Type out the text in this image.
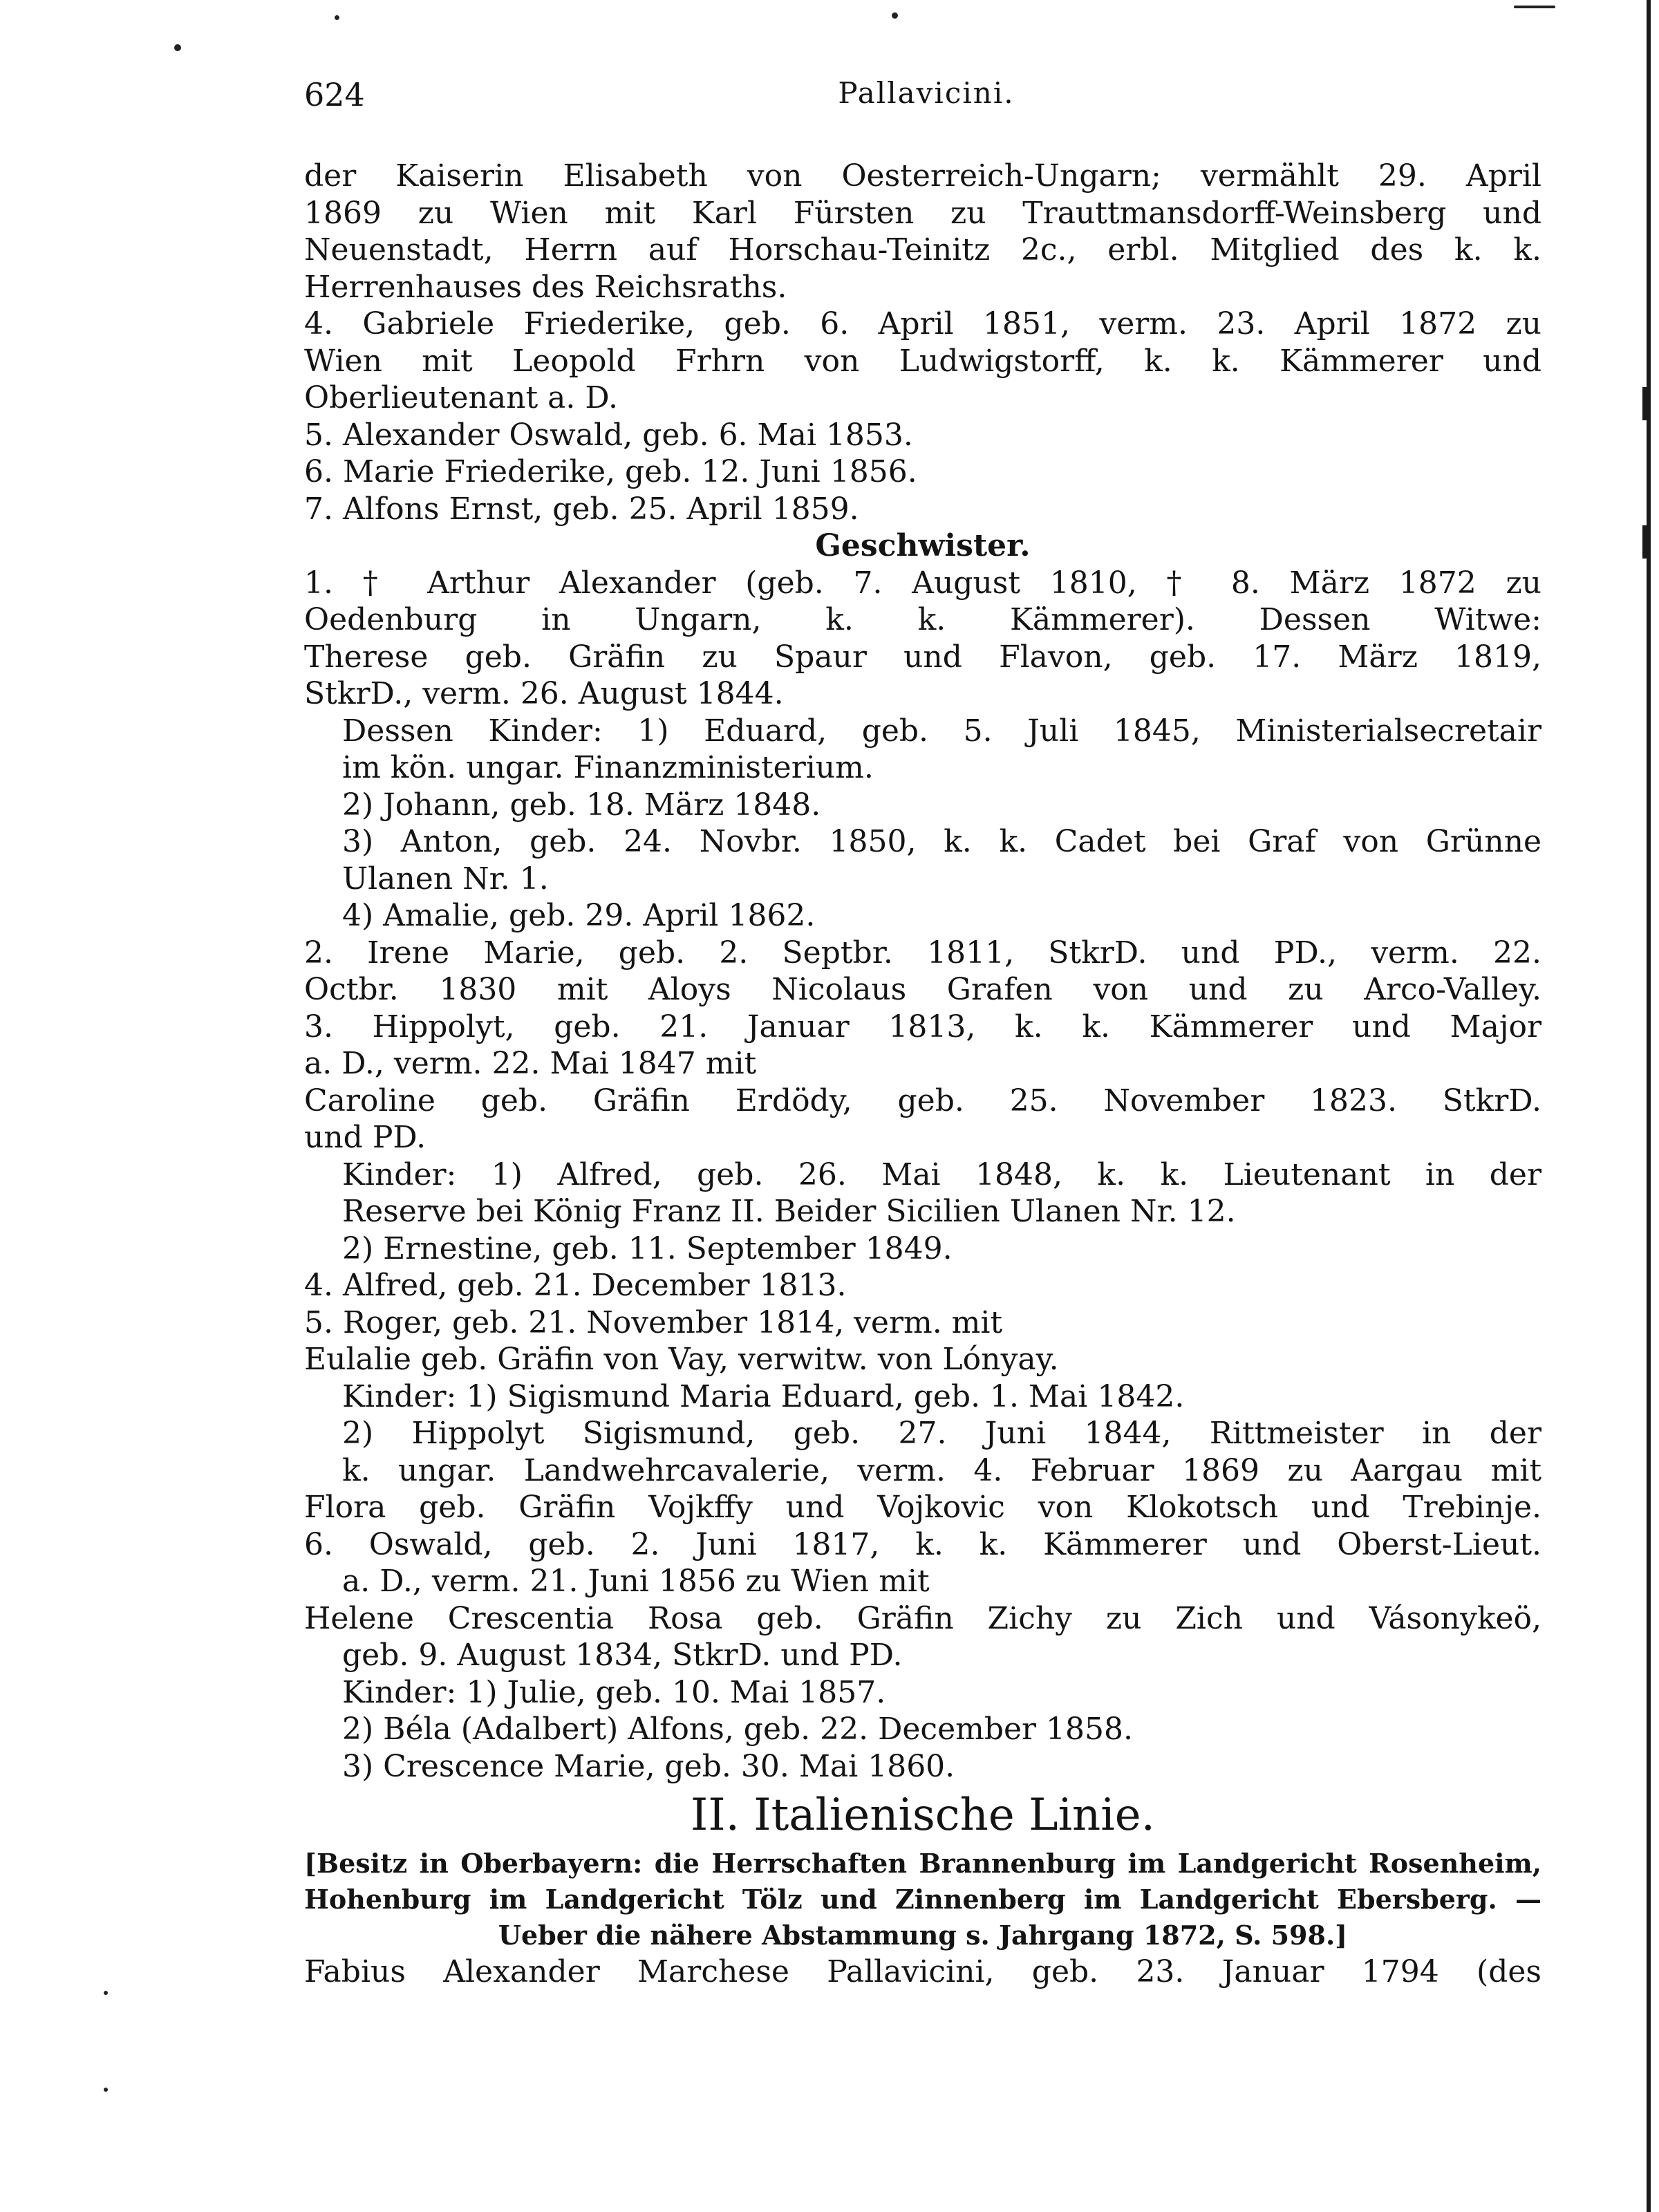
624	Pallavicini.
der Kaiserin Elisabeth von Oesterreich-Ungarn; vermählt 29. April
1869 zu Wien mit Karl Fürsten zu Trauttmansdorff-Weinsberg und
Neuenstadt, Herrn auf Horschau-Teinitz 2c., erbl. Mitglied des k. k.
Herrenhauses des Reichsraths.
4. Gabriele Friederike, geb. 6. April 1851, verm. 23. April 1872 zu
Wien mit Leopold Frhrn von Ludwigstorff, k. k. Kämmerer und
Oberlieutenant a. D.
5. Alexander Oswald, geb. 6. Mai 1853.
6. Marie Friederike, geb. 12. Juni 1856.
7. Alfons Ernst, geb. 25. April 1859.
Geschwister.
1. † Arthur Alexander (geb. 7. August 1810, † 8. März 1872 zu
Oedenburg in Ungarn, k. k. Kämmerer). Dessen Witwe:
Therese geb. Gräfin zu Spaur und Flavon, geb. 17. März 1819,
StkrD., verm. 26. August 1844.
Dessen Kinder: 1) Eduard, geb. 5. Juli 1845, Ministerialsecretair
im kön. ungar. Finanzministerium.
2) Johann, geb. 18. März 1848.
3) Anton, geb. 24. Novbr. 1850, k. k. Cadet bei Graf von Grünne
Ulanen Nr. 1.
4) Amalie, geb. 29. April 1862.
2. Irene Marie, geb. 2. Septbr. 1811, StkrD. und PD., verm. 22.
Octbr. 1830 mit Aloys Nicolaus Grafen von und zu Arco-Valley.
3. Hippolyt, geb. 21. Januar 1813, k. k. Kämmerer und Major
a. D., verm. 22. Mai 1847 mit
Caroline geb. Gräfin Erdödy, geb. 25. November 1823. StkrD.
und PD.
Kinder: 1) Alfred, geb. 26. Mai 1848, k. k. Lieutenant in der
Reserve bei König Franz II. Beider Sicilien Ulanen Nr. 12.
2) Ernestine, geb. 11. September 1849.
4. Alfred, geb. 21. December 1813.
5. Roger, geb. 21. November 1814, verm. mit
Eulalie geb. Gräfin von Vay, verwitw. von Lónyay.
Kinder: 1) Sigismund Maria Eduard, geb. 1. Mai 1842.
2) Hippolyt Sigismund, geb. 27. Juni 1844, Rittmeister in der
k. ungar. Landwehrcavalerie, verm. 4. Februar 1869 zu Aargau mit
Flora geb. Gräfin Vojkffy und Vojkovic von Klokotsch und Trebinje.
6. Oswald, geb. 2. Juni 1817, k. k. Kämmerer und Oberst-Lieut.
a. D., verm. 21. Juni 1856 zu Wien mit
Helene Crescentia Rosa geb. Gräfin Zichy zu Zich und Vásonykeö,
geb. 9. August 1834, StkrD. und PD.
Kinder: 1) Julie, geb. 10. Mai 1857.
2) Béla (Adalbert) Alfons, geb. 22. December 1858.
3) Crescence Marie, geb. 30. Mai 1860.
II. Italienische Linie.
[Besitz in Oberbayern: die Herrschaften Brannenburg im Landgericht Rosenheim,
Hohenburg im Landgericht Tölz und Zinnenberg im Landgericht Ebersberg. —
Ueber die nähere Abstammung s. Jahrgang 1872, S. 598.]
Fabius Alexander Marchese Pallavicini, geb. 23. Januar 1794 (des
